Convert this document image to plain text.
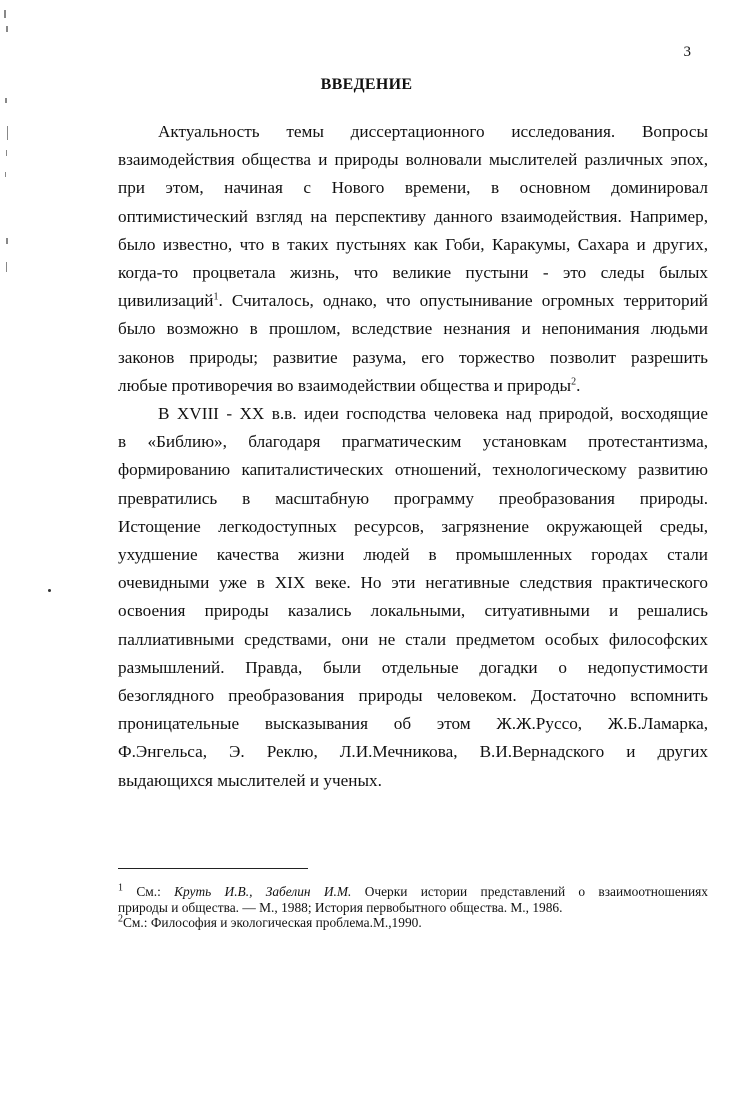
3
ВВЕДЕНИЕ
Актуальность темы диссертационного исследования. Вопросы
взаимодействия общества и природы волновали мыслителей различных эпох,
при этом, начиная с Нового времени, в основном доминировал
оптимистический взгляд на перспективу данного взаимодействия. Например,
было известно, что в таких пустынях как Гоби, Каракумы, Сахара и других,
когда-то процветала жизнь, что великие пустыни - это следы былых
цивилизаций$^1$. Считалось, однако, что опустынивание огромных территорий
было возможно в прошлом, вследствие незнания и непонимания людьми
законов природы; развитие разума, его торжество позволит разрешить
любые противоречия во взаимодействии общества и природы$^2$.
В XVIII - XX в.в. идеи господства человека над природой, восходящие
в «Библию», благодаря прагматическим установкам протестантизма,
формированию капиталистических отношений, технологическому развитию
превратились в масштабную программу преобразования природы.
Истощение легкодоступных ресурсов, загрязнение окружающей среды,
ухудшение качества жизни людей в промышленных городах стали
очевидными уже в XIX веке. Но эти негативные следствия практического
освоения природы казались локальными, ситуативными и решались
паллиативными средствами, они не стали предметом особых философских
размышлений. Правда, были отдельные догадки о недопустимости
безоглядного преобразования природы человеком. Достаточно вспомнить
проницательные высказывания об этом Ж.Ж.Руссо, Ж.Б.Ламарка,
Ф.Энгельса, Э. Реклю, Л.И.Мечникова, В.И.Вернадского и других
выдающихся мыслителей и ученых.
$^1$ См.: Круть И.В., Забелин И.М. Очерки истории представлений о взаимоотношениях
природы и общества. — М., 1988; История первобытного общества. М., 1986.
$^2$См.: Философия и экологическая проблема.М.,1990.
